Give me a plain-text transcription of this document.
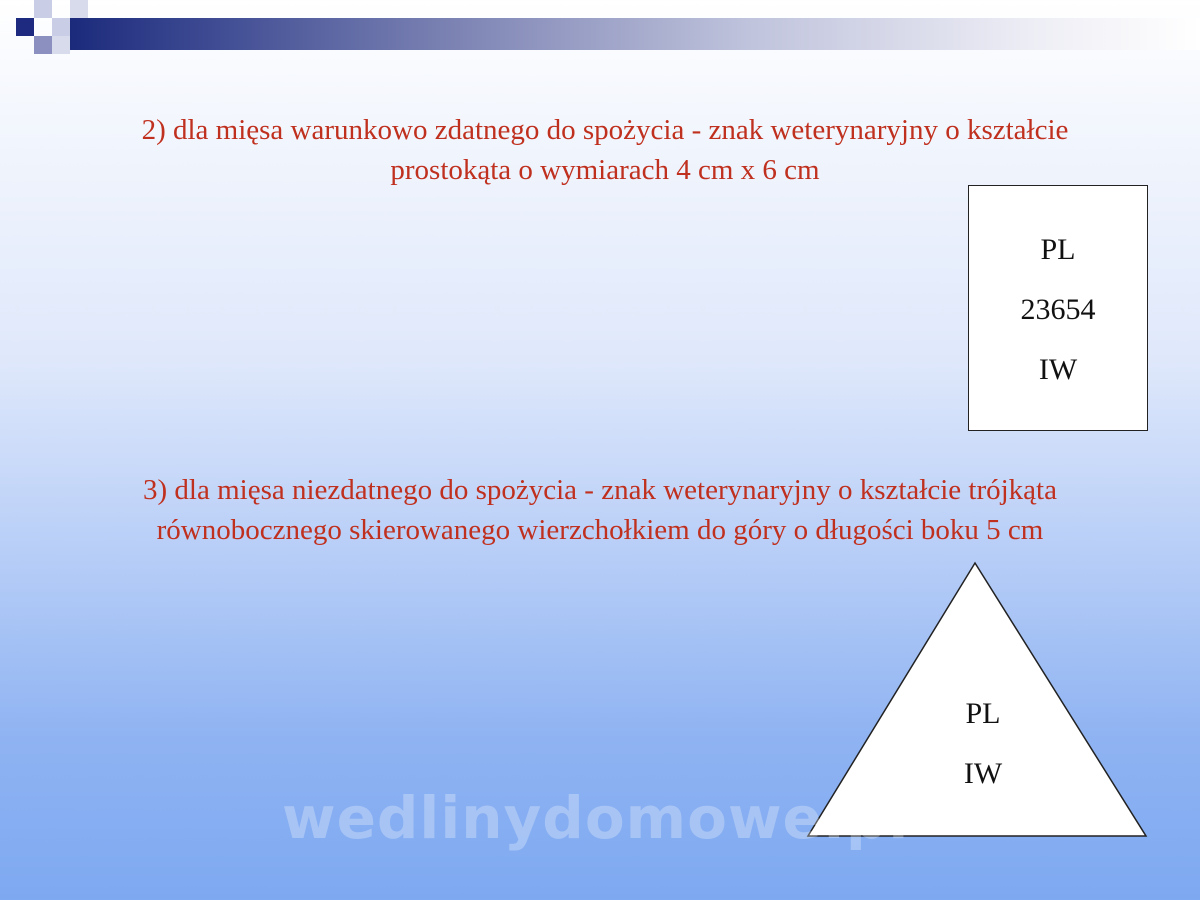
2) dla mięsa warunkowo zdatnego do spożycia - znak weterynaryjny o kształcie
prostokąta o wymiarach 4 cm x 6 cm
PL
23654
IW
3) dla mięsa niezdatnego do spożycia - znak weterynaryjny o kształcie trójkąta
równobocznego skierowanego wierzchołkiem do góry o długości boku 5 cm
PL
IW
wedlinydomowe.pl
